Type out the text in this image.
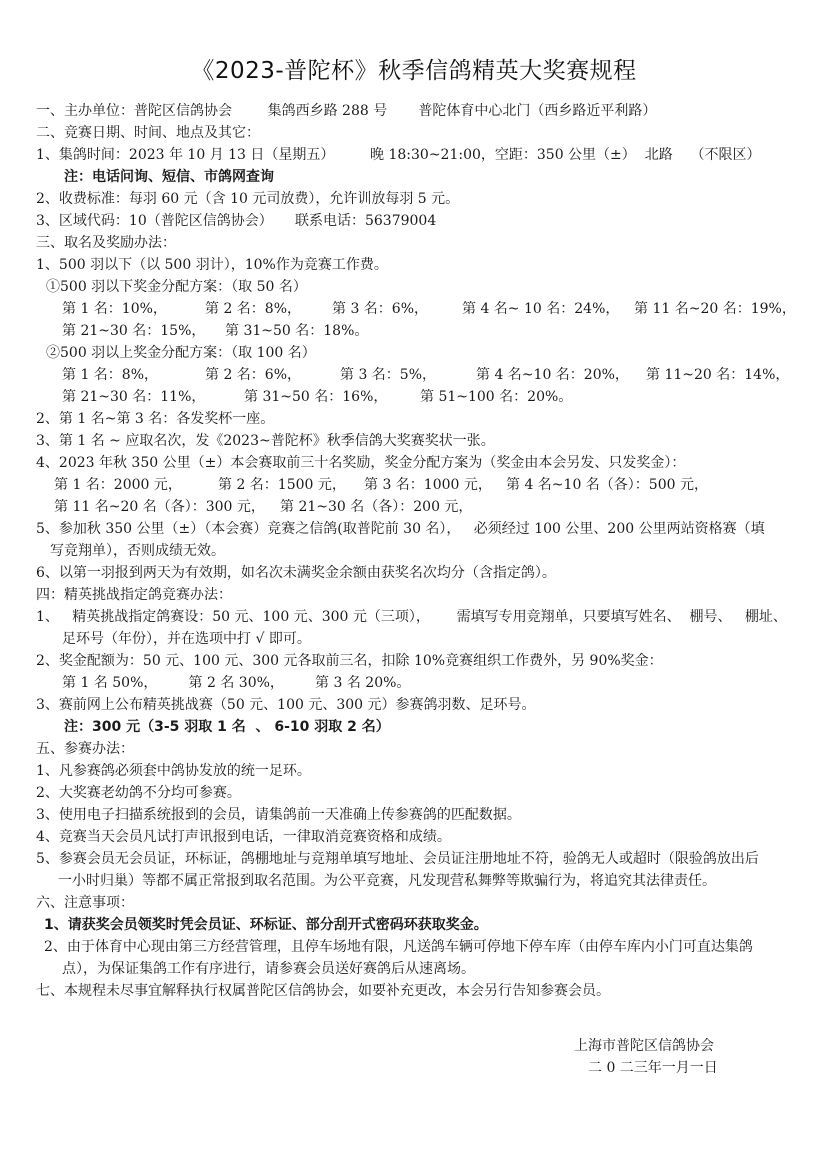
《2023-普陀杯》秋季信鸽精英大奖赛规程
一、主办单位：普陀区信鸽协会        集鸽西乡路 288 号       普陀体育中心北门（西乡路近平利路）
二、竞赛日期、时间、地点及其它：
1、集鸽时间：2023 年 10 月 13 日（星期五）        晚 18:30~21:00，空距：350 公里（±）  北路    （不限区）
注：电话问询、短信、市鸽网查询
2、收费标准：每羽 60 元（含 10 元司放费），允许训放每羽 5 元。
3、区域代码：10（普陀区信鸽协会）     联系电话：56379004
三、取名及奖励办法：
1、500 羽以下（以 500 羽计），10%作为竞赛工作费。
①500 羽以下奖金分配方案：（取 50 名）

第 1 名：10%，

	第 2 名：8%，

第 3 名：6%，

第 4 名~ 10 名：24%，

第 11 名~20 名：19%，

第 21~30 名：15%，

第 31~50 名：18%。

②500 羽以上奖金分配方案：（取 100 名）

第 1 名：8%，

	第 2 名：6%，

	第 3 名：5%，

	第 4 名~10 名：20%，

第 11~20 名：14%，

第 21~30 名：11%，

	第 31~50 名：16%，

第 51~100 名：20%。

2、第 1 名~第 3 名：各发奖杯一座。
3、第 1 名 ~ 应取名次，发《2023~普陀杯》秋季信鸽大奖赛奖状一张。
4、2023 年秋 350 公里（±）本会赛取前三十名奖励，奖金分配方案为（奖金由本会另发、只发奖金）：

第 1 名：2000 元，

	第 2 名：1500 元，

第 3 名：1000 元，

第 4 名~10 名（各）：500 元，

第 11 名~20 名（各）：300 元，

第 21~30 名（各）：200 元，

5、参加秋 350 公里（±）（本会赛）竞赛之信鸽(取普陀前 30 名），   必须经过 100 公里、200 公里两站资格赛（填
写竞翔单），否则成绩无效。
6、以第一羽报到两天为有效期，如名次未满奖金余额由获奖名次均分（含指定鸽）。
四：精英挑战指定鸽竞赛办法：
1、   精英挑战指定鸽赛设：50 元、100 元、300 元（三项），      需填写专用竞翔单，只要填写姓名、  棚号、   棚址、
足环号（年份），并在选项中打 √ 即可。
2、奖金配额为：50 元、100 元、300 元各取前三名，扣除 10%竞赛组织工作费外，另 90%奖金：
第 1 名 50%，       第 2 名 30%，       第 3 名 20%。
3、赛前网上公布精英挑战赛（50 元、100 元、300 元）参赛鸽羽数、足环号。
注：300 元（3-5 羽取 1 名  、 6-10 羽取 2 名）
五、参赛办法：
1、凡参赛鸽必须套中鸽协发放的统一足环。
2、大奖赛老幼鸽不分均可参赛。
3、使用电子扫描系统报到的会员，请集鸽前一天准确上传参赛鸽的匹配数据。
4、竞赛当天会员凡试打声讯报到电话，一律取消竞赛资格和成绩。
5、参赛会员无会员证，环标证，鸽棚地址与竞翔单填写地址、会员证注册地址不符，验鸽无人或超时（限验鸽放出后
一小时归巢）等都不属正常报到取名范围。为公平竞赛，凡发现营私舞弊等欺骗行为，将追究其法律责任。
六、注意事项：
1、请获奖会员领奖时凭会员证、环标证、部分刮开式密码环获取奖金。
2、由于体育中心现由第三方经营管理，且停车场地有限，凡送鸽车辆可停地下停车库（由停车库内小门可直达集鸽
点），为保证集鸽工作有序进行，请参赛会员送好赛鸽后从速离场。
七、本规程未尽事宜解释执行权属普陀区信鸽协会，如要补充更改，本会另行告知参赛会员。
上海市普陀区信鸽协会
二 0 二三年一月一日
